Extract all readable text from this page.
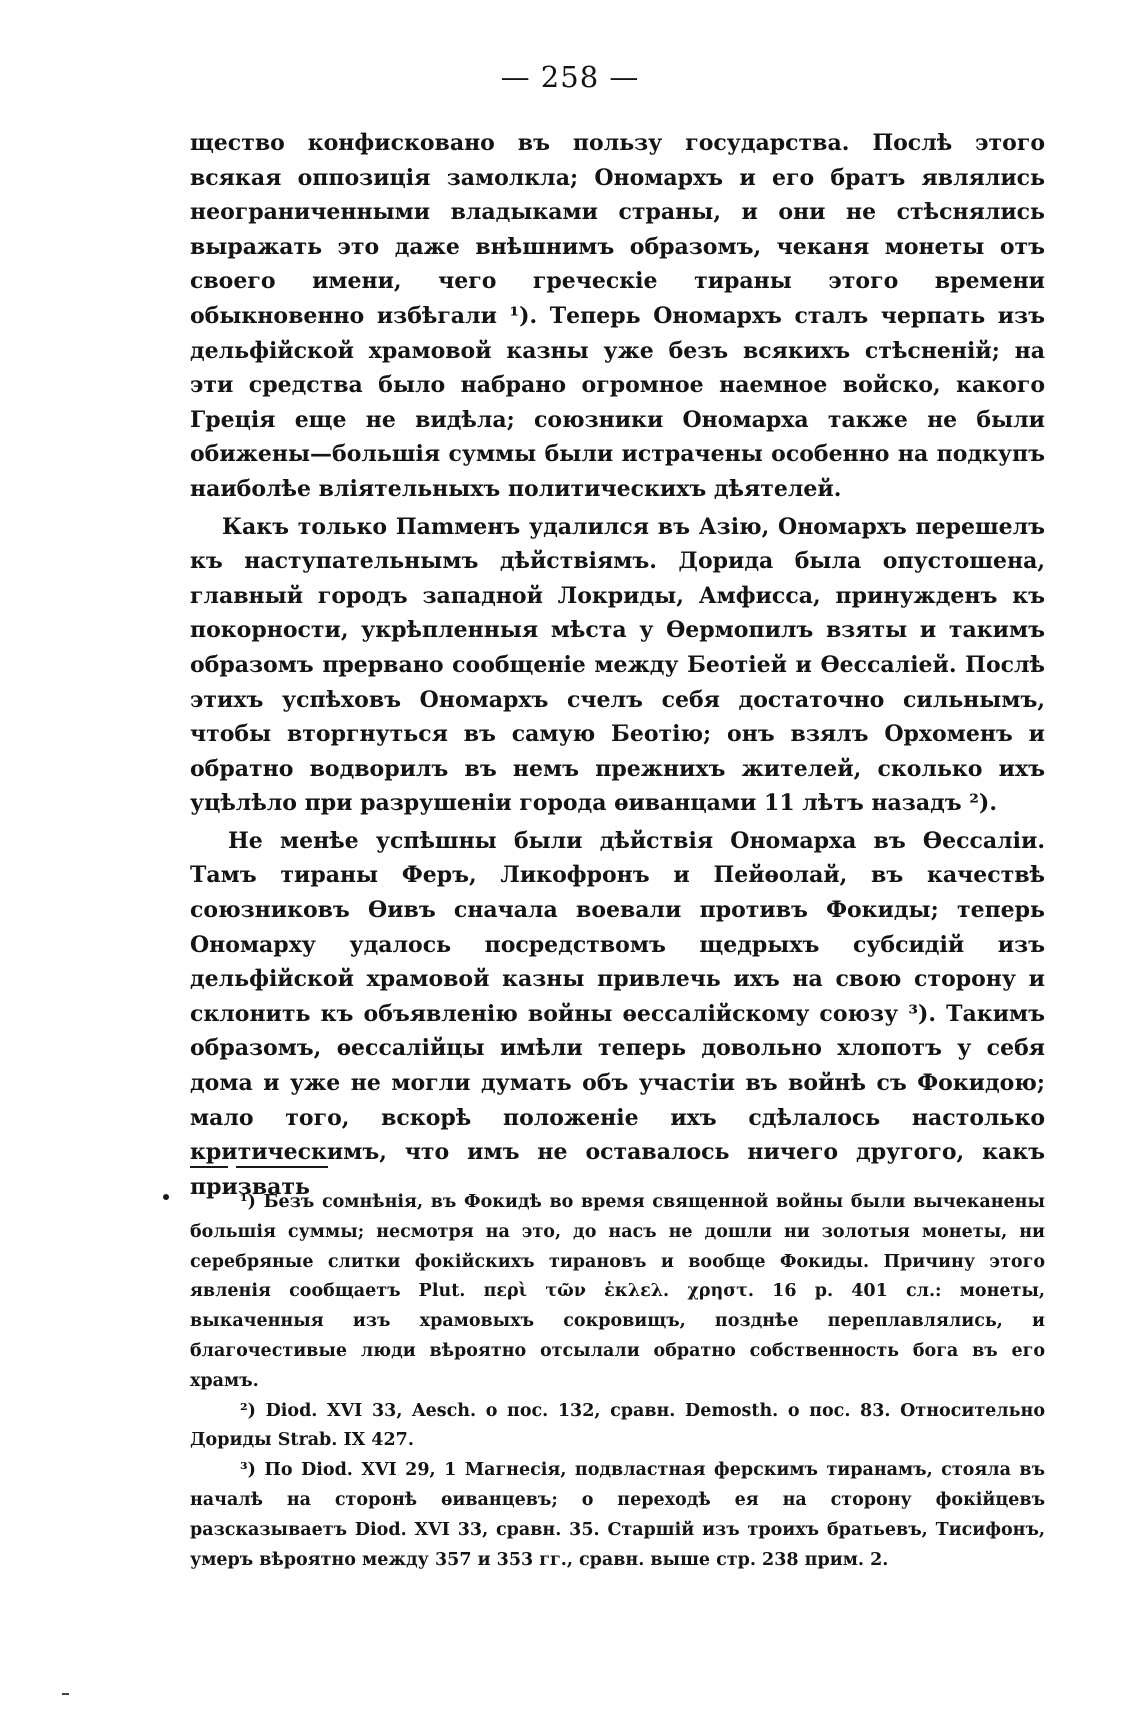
— 258 —

щество конфисковано въ пользу государства. Послѣ этого всякая оппозиція замолкла; Ономархъ и его братъ являлись неограниченными владыками страны, и они не стѣснялись выражать это даже внѣшнимъ образомъ, чеканя монеты отъ своего имени, чего греческіе тираны этого времени обыкновенно избѣгали ¹). Теперь Ономархъ сталъ черпать изъ дельфійской храмовой казны уже безъ всякихъ стѣсненій; на эти средства было набрано огромное наемное войско, какого Грецiя еще не видѣла; союзники Ономарха также не были обижены—большiя суммы были истрачены особенно на подкупъ наиболѣе вліятельныхъ политическихъ дѣятелей.

Какъ только Пamменъ удалился въ Азію, Ономархъ перешелъ къ наступательнымъ дѣйствіямъ. Дорида была опустошена, главный городъ западной Локриды, Амфисса, принужденъ къ покорности, укрѣпленныя мѣста у Ѳермопилъ взяты и такимъ образомъ прервано сообщеніе между Беотіей и Ѳессаліей. Послѣ этихъ успѣховъ Ономархъ счелъ себя достаточно сильнымъ, чтобы вторгнуться въ самую Беотію; онъ взялъ Орхоменъ и обратно водворилъ въ немъ прежнихъ жителей, сколько ихъ уцѣлѣло при разрушеніи города ѳиванцами 11 лѣтъ назадъ ²).

Не менѣе успѣшны были дѣйствія Ономарха въ Ѳессаліи. Тамъ тираны Феръ, Ликофронъ и Пейѳолай, въ качествѣ союзниковъ Ѳивъ сначала воевали противъ Фокиды; теперь Ономарху удалось посредствомъ щедрыхъ субсидій изъ дельфійской храмовой казны привлечь ихъ на свою сторону и склонить къ объявленію войны ѳессалійскому союзу ³). Такимъ образомъ, ѳессалійцы имѣли теперь довольно хлопотъ у себя дома и уже не могли думать объ участіи въ войнѣ съ Фокидою; мало того, вскорѣ положеніе ихъ сдѣлалось настолько критическимъ, что имъ не оставалось ничего другого, какъ призвать

¹) Безъ сомнѣнія, въ Фокидѣ во время священной войны были вычеканены большiя суммы; несмотря на это, до насъ не дошли ни золотыя монеты, ни серебряные слитки фокійскихъ тирановъ и вообще Фокиды. Причину этого явленія сообщаетъ Plut. περὶ τῶν ἐκλελ. χρηστ. 16 p. 401 сл.: монеты, выкаченныя изъ храмовыхъ сокровищъ, позднѣе переплавлялись, и благочестивые люди вѣроятно отсылали обратно собственность бога въ его храмъ.

²) Diod. XVI 33, Aesch. о пос. 132, сравн. Demosth. о пос. 83. Относительно Дориды Strab. IX 427.

³) По Diod. XVI 29, 1 Магнесія, подвластная ферскимъ тиранамъ, стояла въ началѣ на сторонѣ ѳиванцевъ; о переходѣ ея на сторону фокійцевъ разсказываетъ Diod. XVI 33, сравн. 35. Старшій изъ троихъ братьевъ, Тисифонъ, умеръ вѣроятно между 357 и 353 гг., сравн. выше стр. 238 прим. 2.
